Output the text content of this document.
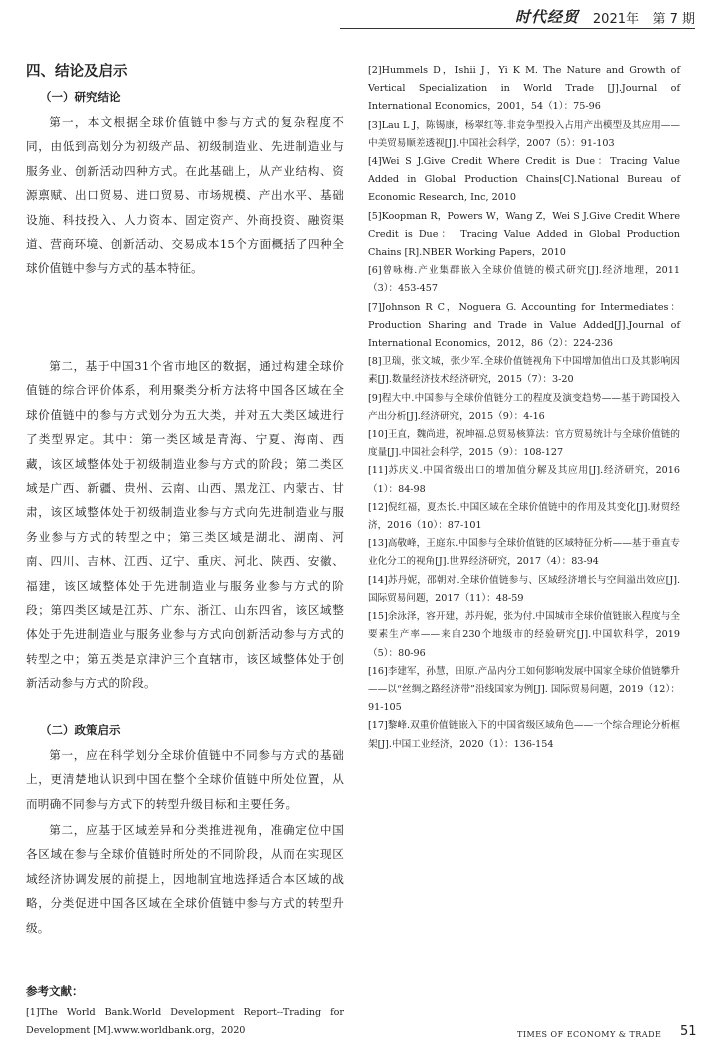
时代经贸 2021年 第 7 期
四、结论及启示
（一）研究结论

第一，本文根据全球价值链中参与方式的复杂程度不同，由低到高划分为初级产品、初级制造业、先进制造业与服务业、创新活动四种方式。在此基础上，从产业结构、资源禀赋、出口贸易、进口贸易、市场规模、产出水平、基础设施、科技投入、人力资本、固定资产、外商投资、融资渠道、营商环境、创新活动、交易成本15个方面概括了四种全球价值链中参与方式的基本特征。

第二，基于中国31个省市地区的数据，通过构建全球价值链的综合评价体系，利用聚类分析方法将中国各区域在全球价值链中的参与方式划分为五大类，并对五大类区域进行了类型界定。其中：第一类区域是青海、宁夏、海南、西藏，该区域整体处于初级制造业参与方式的阶段；第二类区域是广西、新疆、贵州、云南、山西、黑龙江、内蒙古、甘肃，该区域整体处于初级制造业参与方式向先进制造业与服务业参与方式的转型之中；第三类区域是湖北、湖南、河南、四川、吉林、江西、辽宁、重庆、河北、陕西、安徽、福建，该区域整体处于先进制造业与服务业参与方式的阶段；第四类区域是江苏、广东、浙江、山东四省，该区域整体处于先进制造业与服务业参与方式向创新活动参与方式的转型之中；第五类是京津沪三个直辖市，该区域整体处于创新活动参与方式的阶段。

（二）政策启示

第一，应在科学划分全球价值链中不同参与方式的基础上，更清楚地认识到中国在整个全球价值链中所处位置，从而明确不同参与方式下的转型升级目标和主要任务。

第二，应基于区域差异和分类推进视角，准确定位中国各区域在参与全球价值链时所处的不同阶段，从而在实现区域经济协调发展的前提上，因地制宜地选择适合本区域的战略，分类促进中国各区域在全球价值链中参与方式的转型升级。

参考文献：
[1]The World Bank.World Development Report--Trading for Development [M].www.worldbank.org，2020

[2]Hummels D，Ishii J，Yi K M. The Nature and Growth of Vertical Specialization in World Trade [J].Journal of International Economics，2001，54（1）：75-96

[3]Lau L J，陈锡康，杨翠红等.非竞争型投入占用产出模型及其应用——中美贸易顺差透视[J].中国社会科学，2007（5）：91-103

[4]Wei S J.Give Credit Where Credit is Due：Tracing Value Added in Global Production Chains[C].National Bureau of Economic Research, Inc, 2010

[5]Koopman R，Powers W，Wang Z，Wei S J.Give Credit Where Credit is Due： Tracing Value Added in Global Production Chains [R].NBER Working Papers，2010

[6]曾咏梅.产业集群嵌入全球价值链的模式研究[J].经济地理，2011（3）：453-457

[7]Johnson R C，Noguera G. Accounting for Intermediates：Production Sharing and Trade in Value Added[J].Journal of International Economics，2012，86（2）：224-236

[8]卫瑞，张文城，张少军.全球价值链视角下中国增加值出口及其影响因素[J].数量经济技术经济研究，2015（7）：3-20

[9]程大中.中国参与全球价值链分工的程度及演变趋势——基于跨国投入产出分析[J].经济研究，2015（9）：4-16

[10]王直，魏尚进，祝坤福.总贸易核算法：官方贸易统计与全球价值链的度量[J].中国社会科学，2015（9）：108-127

[11]苏庆义.中国省级出口的增加值分解及其应用[J].经济研究，2016（1）：84-98

[12]倪红福，夏杰长.中国区域在全球价值链中的作用及其变化[J].财贸经济，2016（10）：87-101

[13]高敬峰，王庭东.中国参与全球价值链的区域特征分析——基于垂直专业化分工的视角[J].世界经济研究，2017（4）：83-94

[14]苏丹妮，邵朝对.全球价值链参与、区域经济增长与空间溢出效应[J].国际贸易问题，2017（11）：48-59

[15]余泳泽，容开建，苏丹妮，张为付.中国城市全球价值链嵌入程度与全要素生产率——来自230个地级市的经验研究[J].中国软科学，2019（5）：80-96

[16]李建军，孙慧，田原.产品内分工如何影响发展中国家全球价值链攀升——以“丝绸之路经济带”沿线国家为例[J]. 国际贸易问题，2019（12）：91-105

[17]黎峰.双重价值链嵌入下的中国省级区域角色——一个综合理论分析框架[J].中国工业经济，2020（1）：136-154

TIMES OF ECONOMY & TRADE 51
